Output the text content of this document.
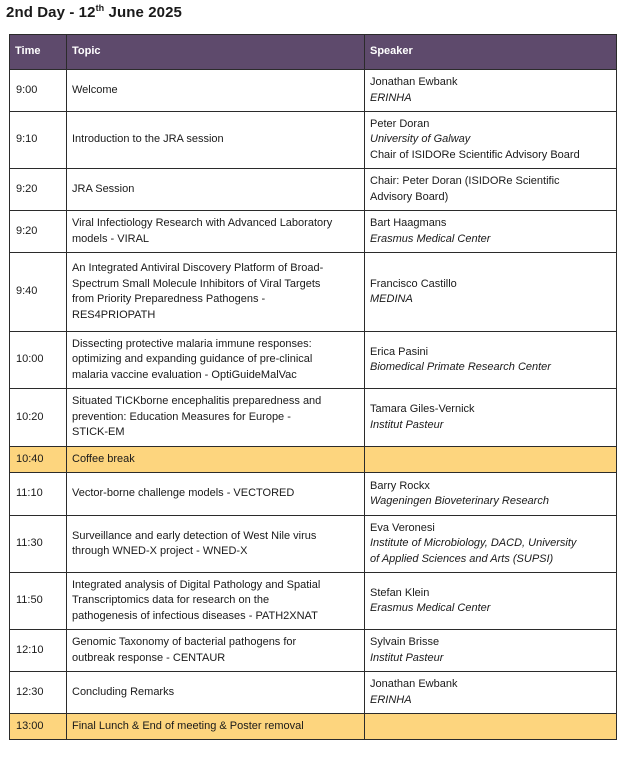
2nd Day - 12th June 2025
Time	Topic	Speaker
9:00	Welcome	Jonathan Ewbank
ERINHA

9:10	Introduction to the JRA session	Peter Doran
University of Galway
Chair of ISIDORe Scientific Advisory Board

9:20	JRA Session	Chair: Peter Doran (ISIDORe Scientific
Advisory Board)

9:20	Viral Infectiology Research with Advanced Laboratory
models - VIRAL	Bart Haagmans
Erasmus Medical Center

9:40	An Integrated Antiviral Discovery Platform of Broad-
Spectrum Small Molecule Inhibitors of Viral Targets
from Priority Preparedness Pathogens -
RES4PRIOPATH	Francisco Castillo
MEDINA

10:00	Dissecting protective malaria immune responses:
optimizing and expanding guidance of pre-clinical
malaria vaccine evaluation - OptiGuideMalVac	Erica Pasini
Biomedical Primate Research Center

10:20	Situated TICKborne encephalitis preparedness and
prevention: Education Measures for Europe -
STICK-EM	Tamara Giles-Vernick
Institut Pasteur

10:40	Coffee break	

11:10	Vector-borne challenge models - VECTORED	Barry Rockx
Wageningen Bioveterinary Research

11:30	Surveillance and early detection of West Nile virus
through WNED-X project - WNED-X	Eva Veronesi
Institute of Microbiology, DACD, University
of Applied Sciences and Arts (SUPSI)

11:50	Integrated analysis of Digital Pathology and Spatial
Transcriptomics data for research on the
pathogenesis of infectious diseases - PATH2XNAT	Stefan Klein
Erasmus Medical Center

12:10	Genomic Taxonomy of bacterial pathogens for
outbreak response - CENTAUR	Sylvain Brisse
Institut Pasteur

12:30	Concluding Remarks	Jonathan Ewbank
ERINHA

13:00	Final Lunch & End of meeting & Poster removal	
